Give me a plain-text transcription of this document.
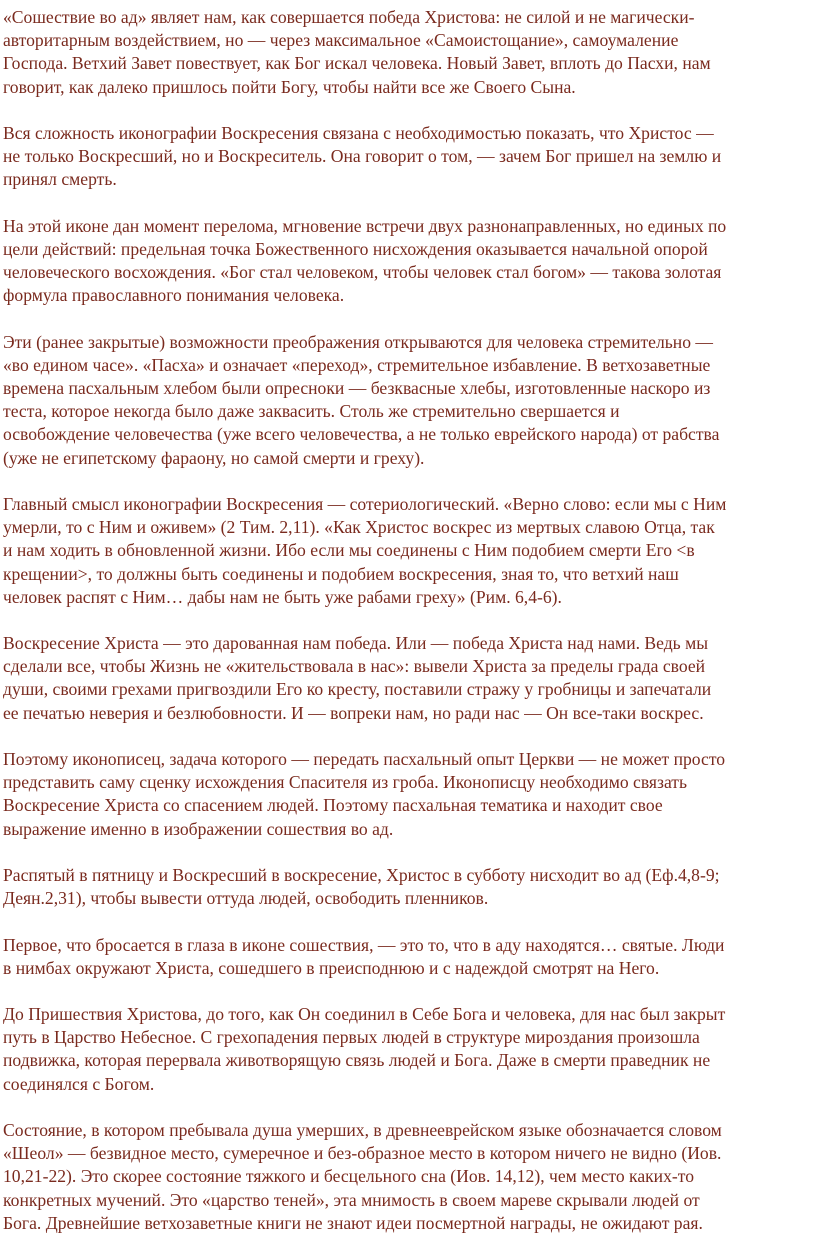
«Сошествие во ад» являет нам, как совершается победа Христова: не силой и не магически-
авторитарным воздействием, но — через максимальное «Самоистощание», самоумаление
Господа. Ветхий Завет повествует, как Бог искал человека. Новый Завет, вплоть до Пасхи, нам
говорит, как далеко пришлось пойти Богу, чтобы найти все же Своего Сына.

Вся сложность иконографии Воскресения связана с необходимостью показать, что Христос —
не только Воскресший, но и Воскреситель. Она говорит о том, — зачем Бог пришел на землю и
принял смерть.

На этой иконе дан момент перелома, мгновение встречи двух разнонаправленных, но единых по
цели действий: предельная точка Божественного нисхождения оказывается начальной опорой
человеческого восхождения. «Бог стал человеком, чтобы человек стал богом» — такова золотая
формула православного понимания человека.

Эти (ранее закрытые) возможности преображения открываются для человека стремительно —
«во едином часе». «Пасха» и означает «переход», стремительное избавление. В ветхозаветные
времена пасхальным хлебом были опресноки — безквасные хлебы, изготовленные наскоро из
теста, которое некогда было даже заквасить. Столь же стремительно свершается и
освобождение человечества (уже всего человечества, а не только еврейского народа) от рабства
(уже не египетскому фараону, но самой смерти и греху).

Главный смысл иконографии Воскресения — сотериологический. «Верно слово: если мы с Ним
умерли, то с Ним и оживем» (2 Тим. 2,11). «Как Христос воскрес из мертвых славою Отца, так
и нам ходить в обновленной жизни. Ибо если мы соединены с Ним подобием смерти Его <в
крещении>, то должны быть соединены и подобием воскресения, зная то, что ветхий наш
человек распят с Ним… дабы нам не быть уже рабами греху» (Рим. 6,4-6).

Воскресение Христа — это дарованная нам победа. Или — победа Христа над нами. Ведь мы
сделали все, чтобы Жизнь не «жительствовала в нас»: вывели Христа за пределы града своей
души, своими грехами пригвоздили Его ко кресту, поставили стражу у гробницы и запечатали
ее печатью неверия и безлюбовности. И — вопреки нам, но ради нас — Он все-таки воскрес.

Поэтому иконописец, задача которого — передать пасхальный опыт Церкви — не может просто
представить саму сценку исхождения Спасителя из гроба. Иконописцу необходимо связать
Воскресение Христа со спасением людей. Поэтому пасхальная тематика и находит свое
выражение именно в изображении сошествия во ад.

Распятый в пятницу и Воскресший в воскресение, Христос в субботу нисходит во ад (Еф.4,8-9;
Деян.2,31), чтобы вывести оттуда людей, освободить пленников.

Первое, что бросается в глаза в иконе сошествия, — это то, что в аду находятся… святые. Люди
в нимбах окружают Христа, сошедшего в преисподнюю и с надеждой смотрят на Него.

До Пришествия Христова, до того, как Он соединил в Себе Бога и человека, для нас был закрыт
путь в Царство Небесное. С грехопадения первых людей в структуре мироздания произошла
подвижка, которая перервала животворящую связь людей и Бога. Даже в смерти праведник не
соединялся с Богом.

Состояние, в котором пребывала душа умерших, в древнееврейском языке обозначается словом
«Шеол» — безвидное место, сумеречное и без-образное место в котором ничего не видно (Иов.
10,21-22). Это скорее состояние тяжкого и бесцельного сна (Иов. 14,12), чем место каких-то
конкретных мучений. Это «царство теней», эта мнимость в своем мареве скрывали людей от
Бога. Древнейшие ветхозаветные книги не знают идеи посмертной награды, не ожидают рая.
